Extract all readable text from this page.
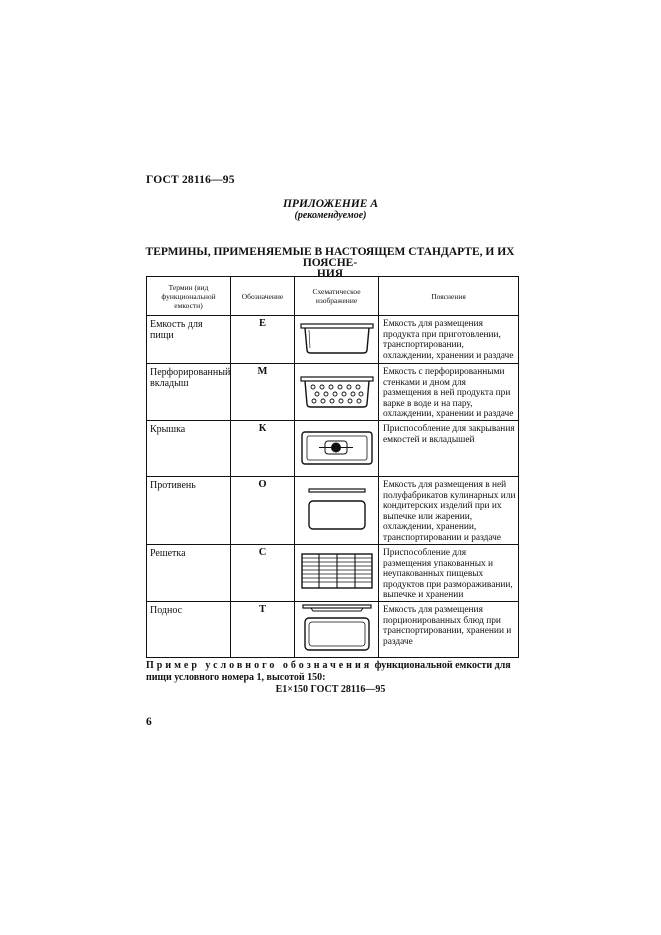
ГОСТ 28116—95
ПРИЛОЖЕНИЕ А
(рекомендуемое)
ТЕРМИНЫ, ПРИМЕНЯЕМЫЕ В НАСТОЯЩЕМ СТАНДАРТЕ, И ИХ ПОЯСНЕ-
НИЯ
Термин (вид функциональной емкости)	Обозначение	Схематическое изображение	Пояснения
Емкость для пищи	Е		Емкость для размещения продукта при приготовлении, транспортировании, охлаждении, хранении и раздаче
Перфорированный вкладыш	М		Емкость с перфорированными стенками и дном для размещения в ней продукта при варке в воде и на пару, охлаждении, хранении и раздаче
Крышка	К		Приспособление для закрывания емкостей и вкладышей
Противень	О		Емкость для размещения в ней полуфабрикатов кулинарных или кондитерских изделий при их выпечке или жарении, охлаждении, хранении, транспортировании и раздаче
Решетка	С		Приспособление для размещения упакованных и неупакованных пищевых продуктов при размораживании, выпечке и хранении
Поднос	Т		Емкость для размещения порционированных блюд при транспортировании, хранении и раздаче
Пример условного обозначения функциональной емкости для пищи условного номера 1, высотой 150:
Е1×150 ГОСТ 28116—95
6
